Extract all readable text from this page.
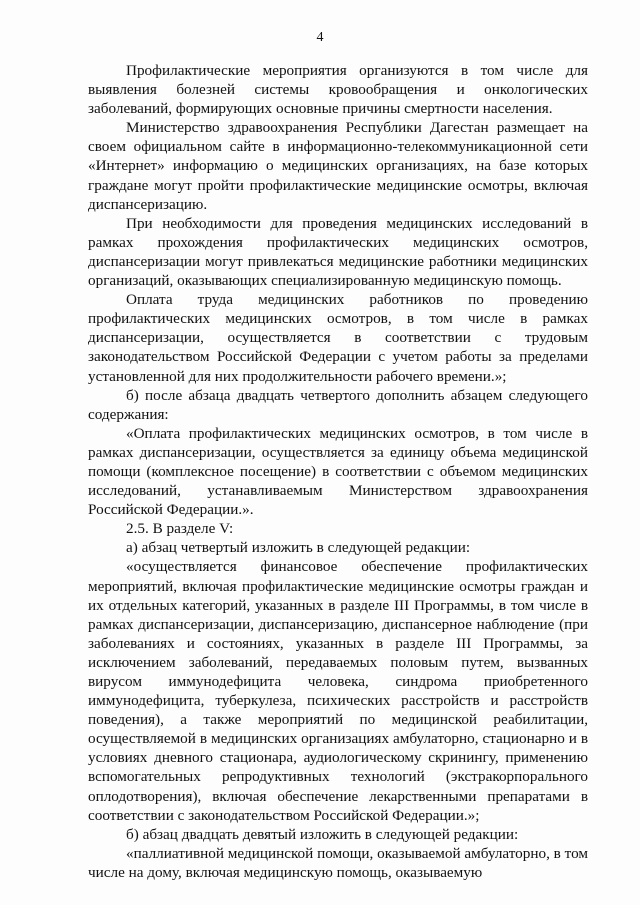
4

Профилактические мероприятия организуются в том числе для выявления болезней системы кровообращения и онкологических заболеваний, формирующих основные причины смертности населения.

Министерство здравоохранения Республики Дагестан размещает на своем официальном сайте в информационно-телекоммуникационной сети «Интернет» информацию о медицинских организациях, на базе которых граждане могут пройти профилактические медицинские осмотры, включая диспансеризацию.

При необходимости для проведения медицинских исследований в рамках прохождения профилактических медицинских осмотров, диспансеризации могут привлекаться медицинские работники медицинских организаций, оказывающих специализированную медицинскую помощь.

Оплата труда медицинских работников по проведению профилактических медицинских осмотров, в том числе в рамках диспансеризации, осуществляется в соответствии с трудовым законодательством Российской Федерации с учетом работы за пределами установленной для них продолжительности рабочего времени.»;

б) после абзаца двадцать четвертого дополнить абзацем следующего содержания:

«Оплата профилактических медицинских осмотров, в том числе в рамках диспансеризации, осуществляется за единицу объема медицинской помощи (комплексное посещение) в соответствии с объемом медицинских исследований, устанавливаемым Министерством здравоохранения Российской Федерации.».

2.5. В разделе V:

а) абзац четвертый изложить в следующей редакции:

«осуществляется финансовое обеспечение профилактических мероприятий, включая профилактические медицинские осмотры граждан и их отдельных категорий, указанных в разделе III Программы, в том числе в рамках диспансеризации, диспансеризацию, диспансерное наблюдение (при заболеваниях и состояниях, указанных в разделе III Программы, за исключением заболеваний, передаваемых половым путем, вызванных вирусом иммунодефицита человека, синдрома приобретенного иммунодефицита, туберкулеза, психических расстройств и расстройств поведения), а также мероприятий по медицинской реабилитации, осуществляемой в медицинских организациях амбулаторно, стационарно и в условиях дневного стационара, аудиологическому скринингу, применению вспомогательных репродуктивных технологий (экстракорпорального оплодотворения), включая обеспечение лекарственными препаратами в соответствии с законодательством Российской Федерации.»;

б) абзац двадцать девятый изложить в следующей редакции:

«паллиативной медицинской помощи, оказываемой амбулаторно, в том числе на дому, включая медицинскую помощь, оказываемую
